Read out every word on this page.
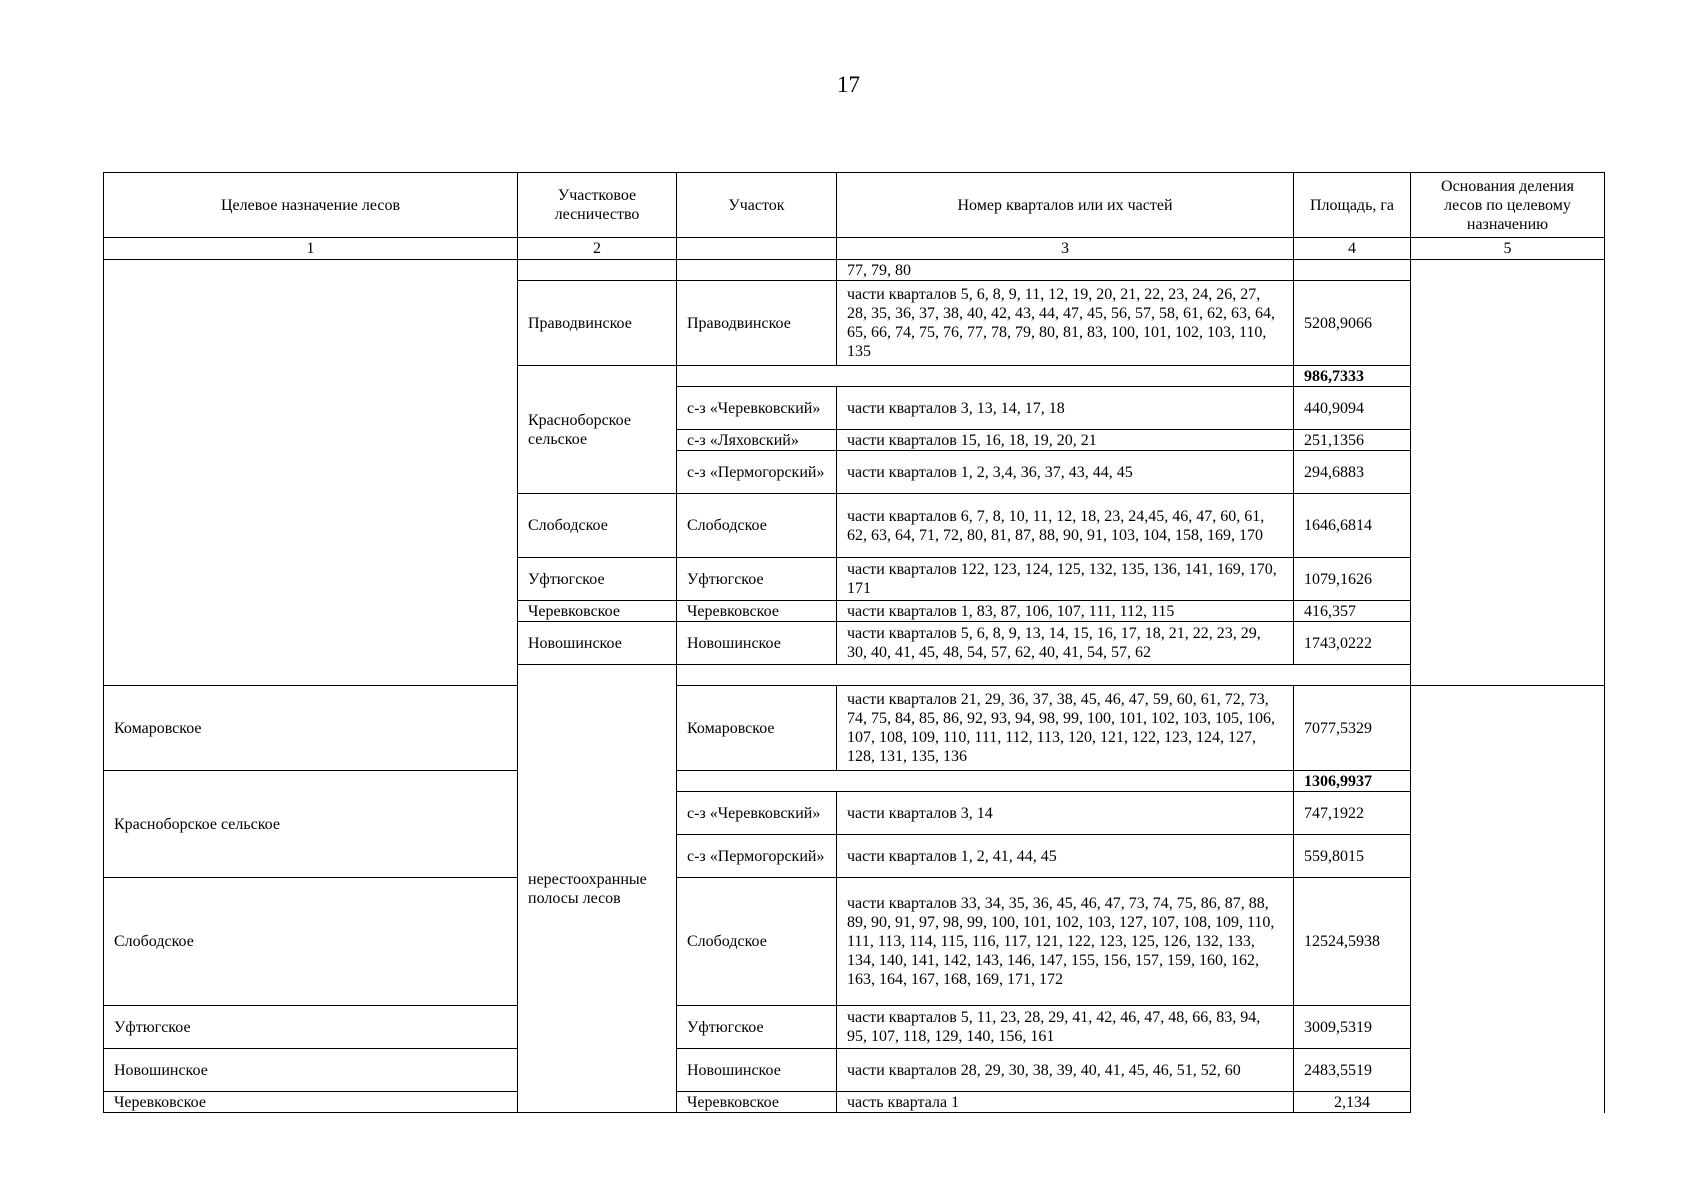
17
Целевое назначение лесов	Участковое лесничество	Участок	Номер кварталов или их частей	Площадь, га	Основания деления лесов по целевому назначению	
1	2		3	4	5	
			77, 79, 80			
	Праводвинское	Праводвинское	части кварталов 5, 6, 8, 9, 11, 12, 19, 20, 21, 22, 23, 24, 26, 27, 28, 35, 36, 37, 38, 40, 42, 43, 44, 47, 45, 56, 57, 58, 61, 62, 63, 64, 65, 66, 74, 75, 76, 77, 78, 79, 80, 81, 83, 100, 101, 102, 103, 110, 135	5208,9066		
	Красноборское сельское			986,7333		
		с-з «Черевковский»	части кварталов 3, 13, 14, 17, 18	440,9094		
		с-з «Ляховский»	части кварталов 15, 16, 18, 19, 20, 21	251,1356		
		с-з «Пермогорский»	части кварталов 1, 2, 3,4, 36, 37, 43, 44, 45	294,6883		
	Слободское	Слободское	части кварталов 6, 7, 8, 10, 11, 12, 18, 23, 24,45, 46, 47, 60, 61, 62, 63, 64, 71, 72, 80, 81, 87, 88, 90, 91, 103, 104, 158, 169, 170	1646,6814		
	Уфтюгское	Уфтюгское	части кварталов 122, 123, 124, 125, 132, 135, 136, 141, 169, 170, 171	1079,1626		
	Черевковское	Черевковское	части кварталов 1, 83, 87, 106, 107, 111, 112, 115	416,357		
	Новошинское	Новошинское	части кварталов 5, 6, 8, 9, 13, 14, 15, 16, 17, 18, 21, 22, 23, 29, 30, 40, 41, 45, 48, 54, 57, 62, 40, 41, 54, 57, 62	1743,0222		
	нерестоохранные полосы лесов			
Комаровское		Комаровское	части кварталов 21, 29, 36, 37, 38, 45, 46, 47, 59, 60, 61, 72, 73, 74, 75, 84, 85, 86, 92, 93, 94, 98, 99, 100, 101, 102, 103, 105, 106, 107, 108, 109, 110, 111, 112, 113, 120, 121, 122, 123, 124, 127, 128, 131, 135, 136	7077,5329		
Красноборское сельское				1306,9937		
		с-з «Черевковский»	части кварталов 3, 14	747,1922		
		с-з «Пермогорский»	части кварталов 1, 2, 41, 44, 45	559,8015		
Слободское		Слободское	части кварталов 33, 34, 35, 36, 45, 46, 47, 73, 74, 75, 86, 87, 88, 89, 90, 91, 97, 98, 99, 100, 101, 102, 103, 127, 107, 108, 109, 110, 111, 113, 114, 115, 116, 117, 121, 122, 123, 125, 126, 132, 133, 134, 140, 141, 142, 143, 146, 147, 155, 156, 157, 159, 160, 162, 163, 164, 167, 168, 169, 171, 172	12524,5938		
Уфтюгское		Уфтюгское	части кварталов 5, 11, 23, 28, 29, 41, 42, 46, 47, 48, 66, 83, 94, 95, 107, 118, 129, 140, 156, 161	3009,5319		
Новошинское		Новошинское	части кварталов 28, 29, 30, 38, 39, 40, 41, 45, 46, 51, 52, 60	2483,5519		
Черевковское		Черевковское	часть квартала 1	2,134		
